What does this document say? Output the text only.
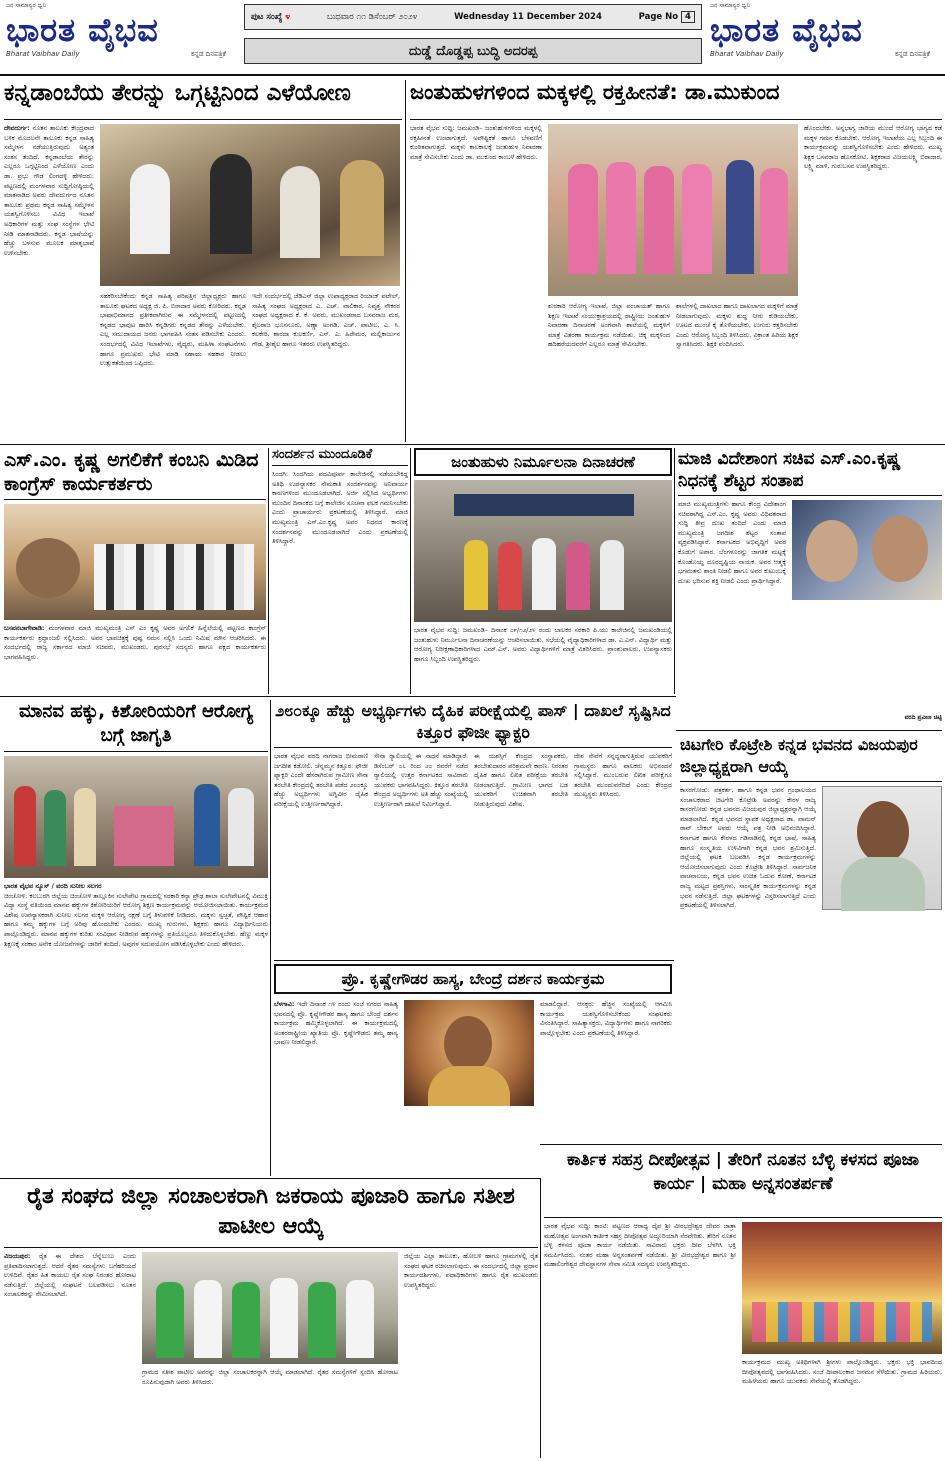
ಜನ ಸಾಮಾನ್ಯರ ಧ್ವನಿ
ಭಾರತ ವೈಭವ
Bharat Vaibhav Daily	ಕನ್ನಡ ದಿನಪತ್ರಿಕೆ
ಪುಟ ಸಂಖ್ಯೆ ೪	ಬುಧವಾರ ೧೧ ಡಿಸೆಂಬರ್ ೨೦೨೪	Wednesday 11 December 2024	Page No 4
ದುಡ್ಡೆ ದೊಡ್ಡಪ್ಪ ಬುದ್ಧಿ ಅದರಪ್ಪ
ಜನ ಸಾಮಾನ್ಯರ ಧ್ವನಿ
ಭಾರತ ವೈಭವ
Bharat Vaibhav Daily	ಕನ್ನಡ ದಿನಪತ್ರಿಕೆ
ಕನ್ನಡಾಂಬೆಯ ತೇರನ್ನು ಒಗ್ಗಟ್ಟಿನಿಂದ ಎಳೆಯೋಣ
ದೇವದುರ್ಗ: ನೂತನ ತಾಲೂಕು ಕೇಂದ್ರವಾದ ಬಳಿಕ ಮೊದಲನೇ ತಾಲೂಕು ಕನ್ನಡ ಸಾಹಿತ್ಯ ಸಮ್ಮೇಳನ ನಡೆಯುತ್ತಿರುವುದು ಅತ್ಯಂತ ಸಂತಸ ತಂದಿದೆ. ಕನ್ನಡಾಂಬೆಯ ತೇರನ್ನು ಎಲ್ಲರೂ ಒಗ್ಗಟ್ಟಿನಿಂದ ಎಳೆಯೋಣ ಎಂದು ಡಾ. ಪ್ರಭು ಗೌಡ ಲಿಂಗದಳ್ಳಿ ಹೇಳಿದರು. ಪಟ್ಟಣದಲ್ಲಿ ಮಂಗಳವಾರ ಸುದ್ದಿಗೋಷ್ಠಿಯಲ್ಲಿ ಮಾತನಾಡಿದ ಅವರು ದೇವದುರ್ಗದ ನೂತನ ತಾಲೂಕು ಪ್ರಥಮ ಕನ್ನಡ ಸಾಹಿತ್ಯ ಸಮ್ಮೇಳನ ಯಶಸ್ವಿಗೊಳಿಸಲು ವಿವಿಧ ಇಲಾಖೆ ಅಧಿಕಾರಿಗಳ ಮತ್ತು ಸಂಘ ಸಂಸ್ಥೆಗಳ ಭೇಟಿ ನೀಡಿ ಮಾತನಾಡಿದರು. ಕನ್ನಡ ಭಾಷೆಯನ್ನು ಹೆಚ್ಚು ಬಳಸುವ ಮೂಲಕ ಮಾತೃಭಾಷೆ ಉಳಿಸಬೇಕು.
ಸಹಕರಿಸಬೇಕೆಂದು ಕನ್ನಡ ಸಾಹಿತ್ಯ ಪರಿಷತ್ತಿನ ಜಿಲ್ಲಾಧ್ಯಕ್ಷರು ಹಾಗೂ ತಾಲೂಕು ಘಟಕದ ಅಧ್ಯಕ್ಷ ಜಿ. ಪಿ. ಬಿರಾದಾರ ಅವರು ಕೋರಿದರು. ಕನ್ನಡ ಭಾಷಾಭಿಮಾನದ ಪ್ರತೀಕವಾಗಿರುವ ಈ ಸಮ್ಮೇಳನದಲ್ಲಿ ಪಟ್ಟಣದಲ್ಲಿ ಕನ್ನಡದ ಭಾವುಟ ಹಾರಿಸಿ ಕನ್ನಡಿಗರು ಕನ್ನಡದ ತೇರನ್ನು ಎಳೆಯಬೇಕು. ಎಲ್ಲ ಸಮುದಾಯದ ಜನರು ಭಾಗವಹಿಸಿ ಸಂತಸ ಪಡಿಸಬೇಕು ಎಂದರು. ಸಂದರ್ಭದಲ್ಲಿ ವಿವಿಧ ಇಲಾಖೆಗಳು, ವೈದ್ಯರು, ಮಹಿಳಾ ಸಂಘಟನೆಗಳು ಹಾಗೂ ಪ್ರಮುಖರು ಭೇಟಿ ಮಾಡಿ ಸಹಾಯ ಸಹಕಾರ ನೀಡಲು ಉತ್ಸುಕತೆಯಿಂದ ಒಪ್ಪಿದರು.
ಇದೇ ಸಂದರ್ಭದಲ್ಲಿ ಜೆಡಿಎಸ್ ಜಿಲ್ಲಾ ಉಪಾಧ್ಯಕ್ಷರಾದ ರಿಯಾಜ್ ಪಟೇಲ್, ಸಾಹಿತ್ಯ ಸಂಘದ ಅಧ್ಯಕ್ಷರಾದ ಎ. ಎಚ್. ವಾಲಿಕಾರ, ನಿವೃತ್ತ ನೌಕರರ ಸಂಘದ ಅಧ್ಯಕ್ಷರಾದ ಕೆ. ಕೆ. ಅವರು, ಮುಖಂಡರಾದ ಬಸವರಾಜ ಮಠ, ಶೈಲರಾಜ ಭೂಸನೂರು, ಅಣ್ಣಾ ಅಂಗಡಿ, ಎಚ್. ಪಾಟೀಲ, ಎ. ಸಿ. ಕಲಕೇರಿ, ಶಾರದಾ ಕುಲಕರ್ಣಿ, ಎಸ್. ಎ. ಹಿರೇಮಠ, ಮಲ್ಲಿಕಾರ್ಜುನ ಗೌಡ, ಶ್ರೀಶೈಲ ಹಾಗೂ ಇತರರು ಉಪಸ್ಥಿತರಿದ್ದರು.
ಜಂತುಹುಳಗಳಿಂದ ಮಕ್ಕಳಲ್ಲಿ ರಕ್ತಹೀನತೆ: ಡಾ.ಮುಕುಂದ
ಭಾರತ ವೈಭವ ಸುದ್ದಿ: ಜಮಖಂಡಿ– ಜಂತುಹುಳಗಳಿಂದ ಮಕ್ಕಳಲ್ಲಿ ರಕ್ತಹೀನತೆ ಉಂಟಾಗುತ್ತದೆ. ಅಪೌಷ್ಟಿಕತೆ ಹಾಗೂ ಬೆಳವಣಿಗೆ ಕುಂಠಿತವಾಗುತ್ತದೆ. ಮಕ್ಕಳು ಕಾಲಕಾಲಕ್ಕೆ ಜಂತುಹುಳ ನಿವಾರಣಾ ಮಾತ್ರೆ ಸೇವಿಸಬೇಕು ಎಂದು ಡಾ. ಮುಕುಂದ ಕಾಂಬಳೆ ಹೇಳಿದರು.
ಹೊಂದಬೇಕು. ಅನ್ನಭಾಗ್ಯ ಜಾರಿಯ ಮುಂದೆ ಆರೋಗ್ಯ ಭಾಗ್ಯದ ಕಡೆ ಮಕ್ಕಳ ಗಮನ ಕೊಡಬೇಕು. ಆರೋಗ್ಯ ಇಲಾಖೆಯ ಎಲ್ಲ ಸಿಬ್ಬಂದಿ ಈ ಕಾರ್ಯಕ್ರಮವನ್ನು ಯಶಸ್ವಿಗೊಳಿಸಬೇಕು ಎಂದು ಹೇಳಿದರು. ಮುಖ್ಯ ಶಿಕ್ಷಕ ಬಸವರಾಜ ಹೊಸಕೋಟಿ, ಶಿಕ್ಷಕರಾದ ವಿಜಯಲಕ್ಷ್ಮಿ ಬಿರಾದಾರ, ಲಕ್ಷ್ಮಿ ಮಾಳಿ, ಗುರುಬಸವ ಉಪಸ್ಥಿತರಿದ್ದರು.
ಶುರಕಾರಿ ಆರೋಗ್ಯ ಇಲಾಖೆ, ಜಿಲ್ಲಾ ಪಂಚಾಯತ್ ಹಾಗೂ ಶಿಕ್ಷಣ ಇಲಾಖೆ ಸಂಯುಕ್ತಾಶ್ರಯದಲ್ಲಿ ರಾಷ್ಟ್ರೀಯ ಜಂತುಹುಳ ನಿವಾರಣಾ ದಿನಾಚರಣೆ ಅಂಗವಾಗಿ ಶಾಲೆಯಲ್ಲಿ ಮಕ್ಕಳಿಗೆ ಮಾತ್ರೆ ವಿತರಣಾ ಕಾರ್ಯಕ್ರಮ ನಡೆಯಿತು. ಚಿಕ್ಕ ಮಕ್ಕಳಿಂದ ಹದಿಹರೆಯದವರೆಗೆ ಎಲ್ಲರೂ ಮಾತ್ರೆ ಸೇವಿಸಬೇಕು.
ಶಾಲೆಗಳಲ್ಲಿ ದಾಖಲಾದ ಹಾಗೂ ದಾಖಲಾಗದ ಮಕ್ಕಳಿಗೆ ಮಾತ್ರೆ ನೀಡಲಾಗುವುದು. ಮಕ್ಕಳು ಶುದ್ಧ ನೀರು ಕುಡಿಯಬೇಕು, ಊಟದ ಮುಂಚೆ ಕೈ ತೊಳೆಯಬೇಕು, ಉಗುರು ಕತ್ತರಿಸಬೇಕು ಎಂದು ಆರೋಗ್ಯ ಸಿಬ್ಬಂದಿ ತಿಳಿಸಿದರು. ವಿಕ್ರಾಂತ ಹಿರಿಯ ಶಿಕ್ಷಕ ಸ್ವಾಗತಿಸಿದರು. ಶಿಕ್ಷಕಿ ವಂದಿಸಿದರು.
ಎಸ್.ಎಂ. ಕೃಷ್ಣ ಅಗಲಿಕೆಗೆ ಕಂಬನಿ ಮಿಡಿದ ಕಾಂಗ್ರೆಸ್ ಕಾರ್ಯಕರ್ತರು
ಬಸವನಬಾಗೇವಾಡಿ: ಮಂಗಳವಾರ ಮಾಜಿ ಮುಖ್ಯಮಂತ್ರಿ ಎಸ್ ಎಂ ಕೃಷ್ಣ ಅವರ ಅಗಲಿಕೆ ಹಿನ್ನೆಲೆಯಲ್ಲಿ ಪಟ್ಟಣದ ಕಾಂಗ್ರೆಸ್ ಕಾರ್ಯಕರ್ತರು ಶ್ರದ್ಧಾಂಜಲಿ ಸಲ್ಲಿಸಿದರು. ಅವರ ಭಾವಚಿತ್ರಕ್ಕೆ ಪುಷ್ಪ ನಮನ ಸಲ್ಲಿಸಿ ಒಂದು ನಿಮಿಷ ಮೌನ ಆಚರಿಸಿದರು. ಈ ಸಂದರ್ಭದಲ್ಲಿ ರಾಜ್ಯ ಸರ್ಕಾರದ ಮಾಜಿ ಸಚಿವರು, ಮುಖಂಡರು, ಪುರಸಭೆ ಸದಸ್ಯರು ಹಾಗೂ ಪಕ್ಷದ ಕಾರ್ಯಕರ್ತರು ಭಾಗವಹಿಸಿದ್ದರು.
ಸಂದರ್ಶನ ಮುಂದೂಡಿಕೆ
ಸಿಂದಗಿ: ಸಿಂದಗಿಯ ಪದವಿಪೂರ್ವ ಕಾಲೇಜಿನಲ್ಲಿ ನಡೆಯಬೇಕಿದ್ದ ಅತಿಥಿ ಉಪನ್ಯಾಸಕರ ನೇಮಕಾತಿ ಸಂದರ್ಶನವನ್ನು ಅನಿವಾರ್ಯ ಕಾರಣಗಳಿಂದ ಮುಂದೂಡಲಾಗಿದೆ. ಅರ್ಜಿ ಸಲ್ಲಿಸಿದ ಅಭ್ಯರ್ಥಿಗಳು ಮುಂದಿನ ದಿನಾಂಕದ ಬಗ್ಗೆ ಕಾಲೇಜಿನ ಸೂಚನಾ ಫಲಕ ಗಮನಿಸಬೇಕು ಎಂದು ಪ್ರಾಚಾರ್ಯರು ಪ್ರಕಟಣೆಯಲ್ಲಿ ತಿಳಿಸಿದ್ದಾರೆ. ಮಾಜಿ ಮುಖ್ಯಮಂತ್ರಿ ಎಸ್.ಎಂ.ಕೃಷ್ಣ ಅವರ ನಿಧನದ ಕಾರಣಕ್ಕೆ ಸಂದರ್ಶನವನ್ನು ಮುಂದೂಡಲಾಗಿದೆ ಎಂದು ಪ್ರಕಟಣೆಯಲ್ಲಿ ತಿಳಿಸಿದ್ದಾರೆ.
ಜಂತುಹುಳು ನಿರ್ಮೂಲನಾ ದಿನಾಚರಣೆ
ಭಾರತ ವೈಭವ ಸುದ್ದಿ: ಜಮಖಂಡಿ– ದಿನಾಂಕ ೦೯/೧೨/೨೪ ರಂದು ಬಾಲಕರ ಸರಕಾರಿ ಪಿ.ಯು ಕಾಲೇಜಿನಲ್ಲಿ ಜಮಖಂಡಿಯಲ್ಲಿ ಜಂತುಹುಳು ನಿರ್ಮೂಲನಾ ದಿನಾಚರಣೆಯನ್ನು ಆಚರಿಸಲಾಯಿತು. ಸಭೆಯಲ್ಲಿ ವೈದ್ಯಾಧಿಕಾರಿಗಳಾದ ಡಾ. ಎ.ಎನ್. ವಿದ್ಯಾರ್ಥಿ ಮತ್ತು ಆರೋಗ್ಯ ನಿರೀಕ್ಷಣಾಧಿಕಾರಿಗಳಾದ ಎಮ್.ಎಸ್. ಅವರು ವಿದ್ಯಾರ್ಥಿಗಳಿಗೆ ಮಾತ್ರೆ ವಿತರಿಸಿದರು. ಪ್ರಾಂಶುಪಾಲರು, ಉಪನ್ಯಾಸಕರು ಹಾಗೂ ಸಿಬ್ಬಂದಿ ಉಪಸ್ಥಿತರಿದ್ದರು.
ಮಾಜಿ ವಿದೇಶಾಂಗ ಸಚಿವ ಎಸ್.ಎಂ.ಕೃಷ್ಣ ನಿಧನಕ್ಕೆ ಶೆಟ್ಟರ ಸಂತಾಪ
ಮಾಜಿ ಮುಖ್ಯಮಂತ್ರಿಗಳು ಹಾಗೂ ಕೇಂದ್ರ ವಿದೇಶಾಂಗ ಸಚಿವರಾಗಿದ್ದ ಎಸ್.ಎಂ. ಕೃಷ್ಣ ಅವರು ವಿಧಿವಶರಾದ ಸುದ್ದಿ ತೀವ್ರ ದುಃಖ ತಂದಿದೆ ಎಂದು ಮಾಜಿ ಮುಖ್ಯಮಂತ್ರಿ ಜಗದೀಶ ಶೆಟ್ಟರ ಸಂತಾಪ ವ್ಯಕ್ತಪಡಿಸಿದ್ದಾರೆ. ಕರ್ನಾಟಕದ ಅಭಿವೃದ್ಧಿಗೆ ಅವರ ಕೊಡುಗೆ ಅಪಾರ. ಬೆಂಗಳೂರನ್ನು ಜಾಗತಿಕ ಮಟ್ಟಕ್ಕೆ ಕೊಂಡೊಯ್ದ ದೂರದೃಷ್ಟಿಯ ನಾಯಕ. ಅವರ ಆತ್ಮಕ್ಕೆ ಭಗವಂತನು ಶಾಂತಿ ನೀಡಲಿ ಹಾಗೂ ಅವರ ಕುಟುಂಬಕ್ಕೆ ದುಃಖ ಭರಿಸುವ ಶಕ್ತಿ ನೀಡಲಿ ಎಂದು ಪ್ರಾರ್ಥಿಸಿದ್ದಾರೆ.
ವರದಿ ಪ್ರವೀಣ ಚಿಟ್ಟಿ
ಮಾನವ ಹಕ್ಕು, ಕಿಶೋರಿಯರಿಗೆ ಆರೋಗ್ಯ ಬಗ್ಗೆ ಜಾಗೃತಿ
ಭಾರತ ವೈಭವ ನ್ಯೂಸ್ / ವರದಿ ಸುನೀಲ ಸಲಗರ
ಚಿಂಚೋಳಿ: ಕಲಬುರಗಿ ಜಿಲ್ಲೆಯ ಚಿಂಚೋಳಿ ತಾಲ್ಲೂಕಿನ ಸುಲೇಪೇಟ ಗ್ರಾಮದಲ್ಲಿ ಸರಕಾರಿ ಕನ್ಯಾ ಪ್ರೌಢ ಶಾಲಾ ಸುಲೇಪೇಟನಲ್ಲಿ ವಿಮುಕ್ತಿ ವಿದ್ಯಾ ಸಂಸ್ಥೆ ವತಿಯಿಂದ ಮಾನವ ಹಕ್ಕುಗಳ ಕಿಶೋರಿಯರಿಗೆ ಆರೋಗ್ಯ ಶಿಕ್ಷಣ ಕಾರ್ಯಕ್ರಮವನ್ನು ಆಯೋಜಿಸಲಾಯಿತು. ಕಾರ್ಯಕ್ರಮದ ವಿಶೇಷ ಉಪನ್ಯಾಸಕರಾಗಿ ಸುನೀಲ ಸಲಗರ ಮಕ್ಕಳ ಆರೋಗ್ಯ ರಕ್ಷಣೆ ಬಗ್ಗೆ ತಿಳುವಳಿಕೆ ನೀಡಿದರು. ಮಕ್ಕಳು ಸ್ವಚ್ಛತೆ, ಪೌಷ್ಟಿಕ ಆಹಾರ ಹಾಗೂ ತಮ್ಮ ಹಕ್ಕುಗಳ ಬಗ್ಗೆ ಅರಿವು ಹೊಂದಬೇಕು ಎಂದರು. ಮುಖ್ಯ ಗುರುಗಳು, ಶಿಕ್ಷಕರು ಹಾಗೂ ವಿದ್ಯಾರ್ಥಿನಿಯರು ಪಾಲ್ಗೊಂಡಿದ್ದರು. ಮಾನವ ಹಕ್ಕುಗಳ ಕುರಿತು ಸಂವಿಧಾನ ನೀಡಿರುವ ಹಕ್ಕುಗಳನ್ನು ಪ್ರತಿಯೊಬ್ಬರೂ ತಿಳಿದುಕೊಳ್ಳಬೇಕು. ಹೆಣ್ಣು ಮಕ್ಕಳ ಶಿಕ್ಷಣಕ್ಕೆ ಸರಕಾರ ಅನೇಕ ಯೋಜನೆಗಳನ್ನು ಜಾರಿಗೆ ತಂದಿದೆ, ಅವುಗಳ ಸದುಪಯೋಗ ಪಡಿಸಿಕೊಳ್ಳಬೇಕು ಎಂದು ಹೇಳಿದರು.
೨೮೦ಕ್ಕೂ ಹೆಚ್ಚು ಅಭ್ಯರ್ಥಿಗಳು ದೈಹಿಕ ಪರೀಕ್ಷೆಯಲ್ಲಿ ಪಾಸ್ | ದಾಖಲೆ ಸೃಷ್ಟಿಸಿದ ಕಿತ್ತೂರ ಫೌಜೀ ಫ್ಯಾಕ್ಟರಿ
ಭಾರತ ವೈಭವ ವರದಿ ನಾಗರಾಜ ಭೀಮರಾಣಿ ಜಗದೀಶ ಕಡೋಲಿ. ಚೆನ್ನಮ್ಮನ ಕಿತ್ತೂರ: ಫೌಜೀ ಫ್ಯಾಕ್ಟರಿ ಎಂದೇ ಹೆಸರಾಗಿರುವ ಗ್ರಾಮೀಣ ಸೇನಾ ತರಬೇತಿ ಕೇಂದ್ರದಲ್ಲಿ ತರಬೇತಿ ಪಡೆದ ೨೮೦ಕ್ಕೂ ಹೆಚ್ಚು ಅಭ್ಯರ್ಥಿಗಳು ಅಗ್ನಿವೀರ ದೈಹಿಕ ಪರೀಕ್ಷೆಯಲ್ಲಿ ಉತ್ತೀರ್ಣರಾಗಿದ್ದಾರೆ.
ಸೇನಾ ರ‍್ಯಾಲಿಯಲ್ಲಿ ಈ ಸಾಧನೆ ಮಾಡಿದ್ದಾರೆ. ಡಿಸೆಂಬರ್ ೦೬ ರಿಂದ ೨೦ ರವರೆಗೆ ನಡೆದ ರ‍್ಯಾಲಿಯಲ್ಲಿ ಉತ್ತರ ಕರ್ನಾಟಕದ ಸಾವಿರಾರು ಯುವಕರು ಭಾಗವಹಿಸಿದ್ದರು. ಕಿತ್ತೂರ ತರಬೇತಿ ಕೇಂದ್ರದ ಅಭ್ಯರ್ಥಿಗಳು ಅತಿ ಹೆಚ್ಚು ಸಂಖ್ಯೆಯಲ್ಲಿ ಉತ್ತೀರ್ಣರಾಗಿ ದಾಖಲೆ ನಿರ್ಮಿಸಿದ್ದಾರೆ.
ಈ ಯಶಸ್ಸಿಗೆ ಕೇಂದ್ರದ ಸಂಸ್ಥಾಪಕರು, ತರಬೇತುದಾರರ ಪರಿಶ್ರಮವೇ ಕಾರಣ. ನಿರಂತರ ದೈಹಿಕ ಹಾಗೂ ಲಿಖಿತ ಪರೀಕ್ಷೆಯ ತರಬೇತಿ ನೀಡಲಾಗುತ್ತಿದೆ. ಗ್ರಾಮೀಣ ಭಾಗದ ಬಡ ಯುವಕರಿಗೆ ಉಚಿತವಾಗಿ ತರಬೇತಿ ನೀಡುತ್ತಿರುವುದು ವಿಶೇಷ.
ದೇಶ ಸೇವೆಗೆ ಸನ್ನದ್ಧರಾಗುತ್ತಿರುವ ಯುವಕರಿಗೆ ಗ್ರಾಮಸ್ಥರು ಹಾಗೂ ಪಾಲಕರು ಅಭಿನಂದನೆ ಸಲ್ಲಿಸಿದ್ದಾರೆ. ಮುಂಬರುವ ಲಿಖಿತ ಪರೀಕ್ಷೆಗೂ ತರಬೇತಿ ಮುಂದುವರೆದಿದೆ ಎಂದು ಕೇಂದ್ರದ ಮುಖ್ಯಸ್ಥರು ತಿಳಿಸಿದರು.
ಚಿಟಗೇರಿ ಕೊಟ್ರೇಶಿ ಕನ್ನಡ ಭವನದ ವಿಜಯಪುರ ಜಿಲ್ಲಾಧ್ಯಕ್ಷರಾಗಿ ಆಯ್ಕೆ
ಕಾಸರಗೋಡು: ಪತ್ರಕರ್ತ, ಹಾಗೂ ಕನ್ನಡ ಭವನ ಗ್ರಂಥಾಲಯದ ಸಂಚಾಲಕರಾದ ಚಿಟಗೇರಿ ಕೊಟ್ರೇಶಿ ಅವರನ್ನು ಕೇರಳ ರಾಜ್ಯ ಕಾಸರಗೋಡು ಕನ್ನಡ ಭವನದ ವಿಜಯಪುರ ಜಿಲ್ಲಾಧ್ಯಕ್ಷರನ್ನಾಗಿ ಆಯ್ಕೆ ಮಾಡಲಾಗಿದೆ. ಕನ್ನಡ ಭವನದ ಸ್ಥಾಪಕ ಅಧ್ಯಕ್ಷರಾದ ಡಾ. ವಾಮನ್ ರಾವ್ ಬೇಕಲ್ ಅವರು ಆಯ್ಕೆ ಪತ್ರ ನೀಡಿ ಅಭಿನಂದಿಸಿದ್ದಾರೆ. ಕರ್ನಾಟಕ ಹಾಗೂ ಕೇರಳದ ಗಡಿನಾಡಿನಲ್ಲಿ ಕನ್ನಡ ಭಾಷೆ, ಸಾಹಿತ್ಯ ಹಾಗೂ ಸಂಸ್ಕೃತಿಯ ಉಳಿವಿಗಾಗಿ ಕನ್ನಡ ಭವನ ಶ್ರಮಿಸುತ್ತಿದೆ. ಜಿಲ್ಲೆಯಲ್ಲಿ ಘಟಕ ಬಲಪಡಿಸಿ ಕನ್ನಡ ಕಾರ್ಯಕ್ರಮಗಳನ್ನು ಆಯೋಜಿಸಲಾಗುವುದು ಎಂದು ಕೊಟ್ರೇಶಿ ತಿಳಿಸಿದ್ದಾರೆ. ಸಾರ್ವಜನಿಕ ವಾಚನಾಲಯ, ಕನ್ನಡ ಭವನ ಉಚಿತ ಓದುವ ಕೋಣೆ, ಕರ್ನಾಟಕ ರಾಜ್ಯ ಮಟ್ಟದ ಪ್ರಶಸ್ತಿಗಳು, ಸಾಂಸ್ಕೃತಿಕ ಕಾರ್ಯಕ್ರಮಗಳನ್ನು ಕನ್ನಡ ಭವನ ನಡೆಸುತ್ತಿದೆ. ಜಿಲ್ಲಾ ಘಟಕಗಳನ್ನು ವಿಸ್ತರಿಸಲಾಗುತ್ತಿದೆ ಎಂದು ಪ್ರಕಟಣೆಯಲ್ಲಿ ತಿಳಿಸಲಾಗಿದೆ.
ಪ್ರೊ. ಕೃಷ್ಣೇಗೌಡರ ಹಾಸ್ಯ, ಬೇಂದ್ರೆ ದರ್ಶನ ಕಾರ್ಯಕ್ರಮ
ಬೆಳಗಾವಿ: ಇದೇ ದಿನಾಂಕ ೧೪ ರಂದು ಸಂಜೆ ನಗರದ ಸಾಹಿತ್ಯ ಭವನದಲ್ಲಿ ಪ್ರೊ. ಕೃಷ್ಣೇಗೌಡರ ಹಾಸ್ಯ ಹಾಗೂ ಬೇಂದ್ರೆ ದರ್ಶನ ಕಾರ್ಯಕ್ರಮ ಹಮ್ಮಿಕೊಳ್ಳಲಾಗಿದೆ. ಈ ಕಾರ್ಯಕ್ರಮದಲ್ಲಿ ಅಂತರರಾಷ್ಟ್ರೀಯ ಖ್ಯಾತಿಯ ಪ್ರೊ. ಕೃಷ್ಣೇಗೌಡರು ತಮ್ಮ ಹಾಸ್ಯ ಭಾಷಣ ನೀಡಲಿದ್ದಾರೆ.
ಮಾಡಲಿದ್ದಾರೆ. ಆಸಕ್ತರು ಹೆಚ್ಚಿನ ಸಂಖ್ಯೆಯಲ್ಲಿ ಆಗಮಿಸಿ ಕಾರ್ಯಕ್ರಮ ಯಶಸ್ವಿಗೊಳಿಸಬೇಕೆಂದು ಸಂಘಟಕರು ವಿನಂತಿಸಿದ್ದಾರೆ. ಸಾಹಿತ್ಯಾಸಕ್ತರು, ವಿದ್ಯಾರ್ಥಿಗಳು ಹಾಗೂ ನಾಗರಿಕರು ಪಾಲ್ಗೊಳ್ಳಬೇಕು ಎಂದು ಪ್ರಕಟಣೆಯಲ್ಲಿ ತಿಳಿಸಿದ್ದಾರೆ.
ಕಾರ್ತಿಕ ಸಹಸ್ರ ದೀಪೋತ್ಸವ | ತೇರಿಗೆ ನೂತನ ಬೆಳ್ಳಿ ಕಳಸದ ಪೂಜಾ ಕಾರ್ಯ | ಮಹಾ ಅನ್ನಸಂತರ್ಪಣೆ
ಭಾರತ ವೈಭವ ಸುದ್ದಿ: ಕಾಂಟಿ: ಪಟ್ಟಣದ ಆರಾಧ್ಯ ದೈವ ಶ್ರೀ ವೀರಭದ್ರೇಶ್ವರ ದೇವರ ಜಾತ್ರಾ ಮಹೋತ್ಸವ ಅಂಗವಾಗಿ ಕಾರ್ತಿಕ ಸಹಸ್ರ ದೀಪೋತ್ಸವ ಅದ್ದೂರಿಯಾಗಿ ನೆರವೇರಿತು. ತೇರಿಗೆ ನೂತನ ಬೆಳ್ಳಿ ಕಳಸದ ಪೂಜಾ ಕಾರ್ಯ ನಡೆಯಿತು. ಸಾವಿರಾರು ಭಕ್ತರು ದೀಪ ಬೆಳಗಿಸಿ ಭಕ್ತಿ ಸಮರ್ಪಿಸಿದರು. ನಂತರ ಮಹಾ ಅನ್ನಸಂತರ್ಪಣೆ ನಡೆಯಿತು. ಶ್ರೀ ವೀರಭದ್ರೇಶ್ವರ ಹಾಗೂ ಶ್ರೀ ಮಹಾಲಿಂಗೇಶ್ವರ ದೇವಸ್ಥಾನಗಳ ಸೇವಾ ಸಮಿತಿ ಸದಸ್ಯರು ಉಪಸ್ಥಿತರಿದ್ದರು.
ಕಾರ್ಯಕ್ರಮದ ಮುಖ್ಯ ಅತಿಥಿಗಳಾಗಿ ಶ್ರೀಗಳು ಪಾಲ್ಗೊಂಡಿದ್ದರು. ಭಕ್ತರು ಭಕ್ತಿ ಭಾವದಿಂದ ದೀಪೋತ್ಸವದಲ್ಲಿ ಭಾಗವಹಿಸಿದರು. ಸಂಜೆ ದೀಪಾಲಂಕಾರ ಜನಮನ ಸೆಳೆಯಿತು. ಗ್ರಾಮದ ಹಿರಿಯರು, ಮಹಿಳೆಯರು ಹಾಗೂ ಯುವಕರು ಸೇವೆಯಲ್ಲಿ ತೊಡಗಿದ್ದರು.
ರೈತ ಸಂಘದ ಜಿಲ್ಲಾ ಸಂಚಾಲಕರಾಗಿ ಜಕರಾಯ ಪೂಜಾರಿ ಹಾಗೂ ಸತೀಶ ಪಾಟೀಲ ಆಯ್ಕೆ
ವಿಜಯಪುರ: ರೈತ ಈ ದೇಶದ ಬೆನ್ನೆಲುಬು ಎಂದು ಪ್ರತಿಪಾದಿಸಲಾಗುತ್ತದೆ. ಆದರೆ ರೈತರ ಸಮಸ್ಯೆಗಳು ಬಗೆಹರಿಯದೆ ಉಳಿದಿವೆ. ರೈತರ ಹಿತ ಕಾಯಲು ರೈತ ಸಂಘ ನಿರಂತರ ಹೋರಾಟ ನಡೆಸುತ್ತಿದೆ. ಜಿಲ್ಲೆಯಲ್ಲಿ ಸಂಘಟನೆ ಬಲಪಡಿಸಲು ನೂತನ ಸಂಚಾಲಕರನ್ನು ನೇಮಿಸಲಾಗಿದೆ.
ಗ್ರಾಮದ ಸತೀಶ ಪಾಟೀಲ ಅವರನ್ನು ಜಿಲ್ಲಾ ಸಂಚಾಲಕರನ್ನಾಗಿ ಆಯ್ಕೆ ಮಾಡಲಾಗಿದೆ. ರೈತರ ಸಮಸ್ಯೆಗಳಿಗೆ ಸ್ಪಂದಿಸಿ ಹೋರಾಟ ರೂಪಿಸುವುದಾಗಿ ಅವರು ತಿಳಿಸಿದರು.
ಜಿಲ್ಲೆಯ ಎಲ್ಲಾ ತಾಲೂಕು, ಹೋಬಳಿ ಹಾಗೂ ಗ್ರಾಮಗಳಲ್ಲಿ ರೈತ ಸಂಘದ ಘಟಕ ರಚಿಸಲಾಗುವುದು. ಈ ಸಂದರ್ಭದಲ್ಲಿ ಜಿಲ್ಲಾ ಪ್ರಧಾನ ಕಾರ್ಯದರ್ಶಿಗಳು, ಪದಾಧಿಕಾರಿಗಳು ಹಾಗೂ ರೈತ ಮುಖಂಡರು ಉಪಸ್ಥಿತರಿದ್ದರು.
